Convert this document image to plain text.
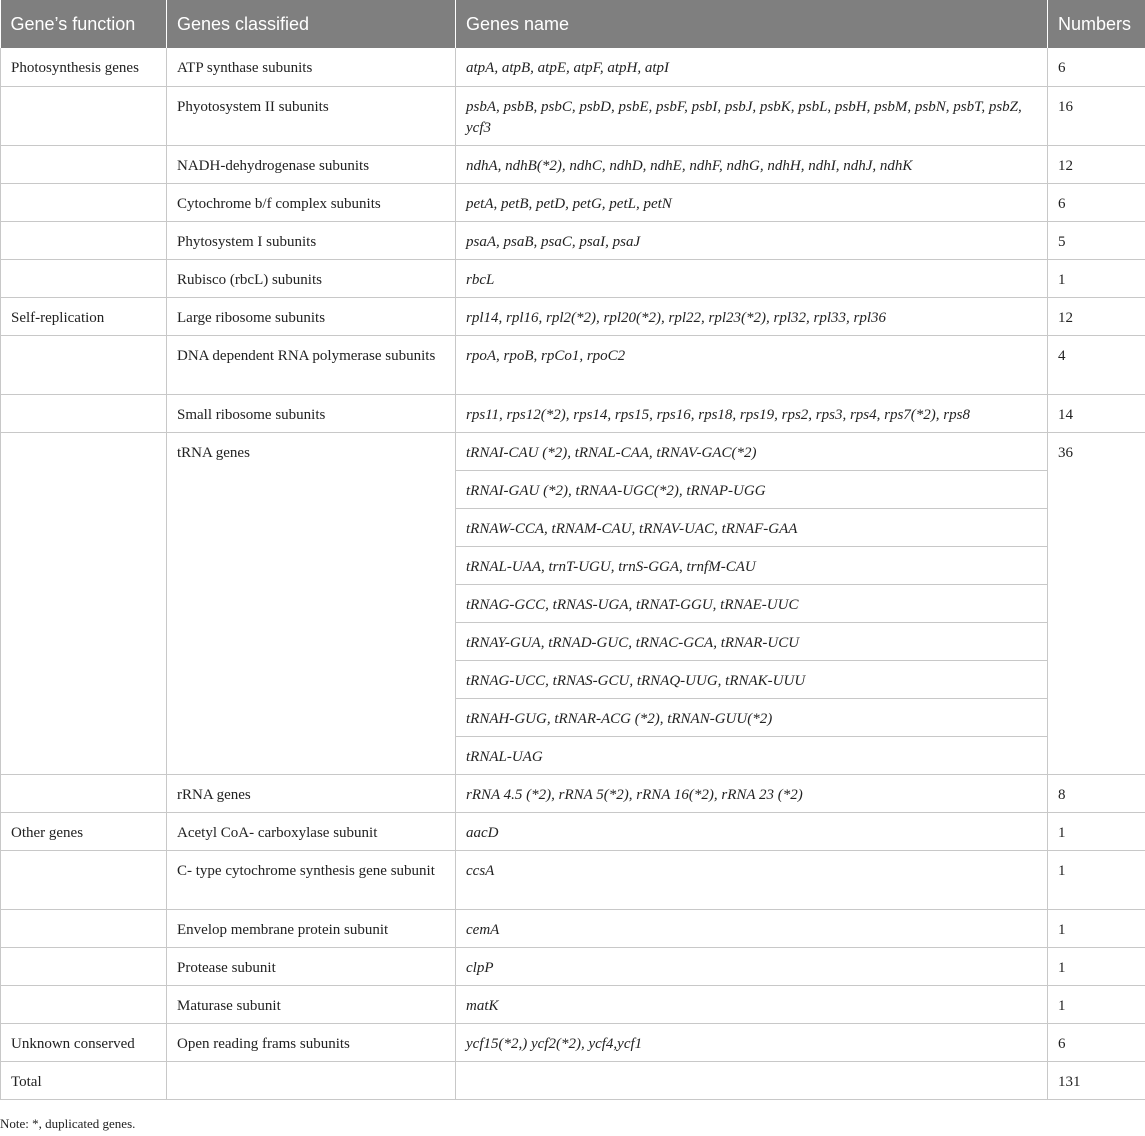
Gene’s function	Genes classified	Genes name	Numbers
Photosynthesis genes	ATP synthase subunits	atpA, atpB, atpE, atpF, atpH, atpI	6
	Phyotosystem II subunits	psbA, psbB, psbC, psbD, psbE, psbF, psbI, psbJ, psbK, psbL, psbH, psbM, psbN, psbT, psbZ, ycf3	16
	NADH-dehydrogenase subunits	ndhA, ndhB(*2), ndhC, ndhD, ndhE, ndhF, ndhG, ndhH, ndhI, ndhJ, ndhK	12
	Cytochrome b/f complex subunits	petA, petB, petD, petG, petL, petN	6
	Phytosystem I subunits	psaA, psaB, psaC, psaI, psaJ	5
	Rubisco (rbcL) subunits	rbcL	1
Self-replication	Large ribosome subunits	rpl14, rpl16, rpl2(*2), rpl20(*2), rpl22, rpl23(*2), rpl32, rpl33, rpl36	12
	DNA dependent RNA polymerase subunits	rpoA, rpoB, rpCo1, rpoC2	4
	Small ribosome subunits	rps11, rps12(*2), rps14, rps15, rps16, rps18, rps19, rps2, rps3, rps4, rps7(*2), rps8	14
	tRNA genes	tRNAI-CAU (*2), tRNAL-CAA, tRNAV-GAC(*2)	36
		tRNAI-GAU (*2), tRNAA-UGC(*2), tRNAP-UGG	
		tRNAW-CCA, tRNAM-CAU, tRNAV-UAC, tRNAF-GAA	
		tRNAL-UAA, trnT-UGU, trnS-GGA, trnfM-CAU	
		tRNAG-GCC, tRNAS-UGA, tRNAT-GGU, tRNAE-UUC	
		tRNAY-GUA, tRNAD-GUC, tRNAC-GCA, tRNAR-UCU	
		tRNAG-UCC, tRNAS-GCU, tRNAQ-UUG, tRNAK-UUU	
		tRNAH-GUG, tRNAR-ACG (*2), tRNAN-GUU(*2)	
		tRNAL-UAG	
	rRNA genes	rRNA 4.5 (*2), rRNA 5(*2), rRNA 16(*2), rRNA 23 (*2)	8
Other genes	Acetyl CoA- carboxylase subunit	aacD	1
	C- type cytochrome synthesis gene subunit	ccsA	1
	Envelop membrane protein subunit	cemA	1
	Protease subunit	clpP	1
	Maturase subunit	matK	1
Unknown conserved	Open reading frams subunits	ycf15(*2,) ycf2(*2), ycf4,ycf1	6
Total			131
Note: *, duplicated genes.
